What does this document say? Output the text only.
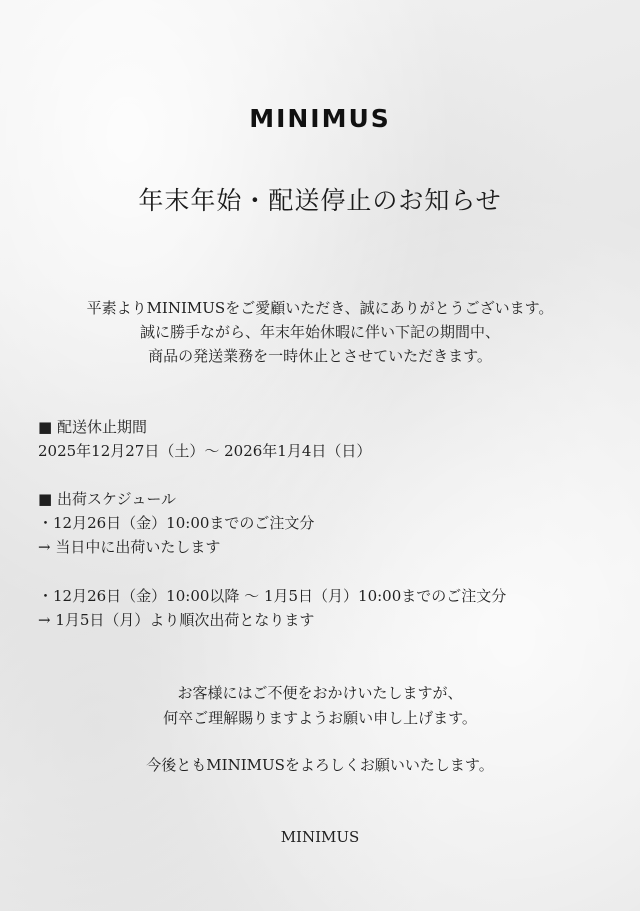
MINIMUS
年末年始・配送停止のお知らせ
平素よりMINIMUSをご愛顧いただき、誠にありがとうございます。
誠に勝手ながら、年末年始休暇に伴い下記の期間中、
商品の発送業務を一時休止とさせていただきます。
■ 配送休止期間
2025年12月27日（土）〜 2026年1月4日（日）
■ 出荷スケジュール
・12月26日（金）10:00までのご注文分
→ 当日中に出荷いたします
・12月26日（金）10:00以降 〜 1月5日（月）10:00までのご注文分
→ 1月5日（月）より順次出荷となります
お客様にはご不便をおかけいたしますが、
何卒ご理解賜りますようお願い申し上げます。
今後ともMINIMUSをよろしくお願いいたします。
MINIMUS
